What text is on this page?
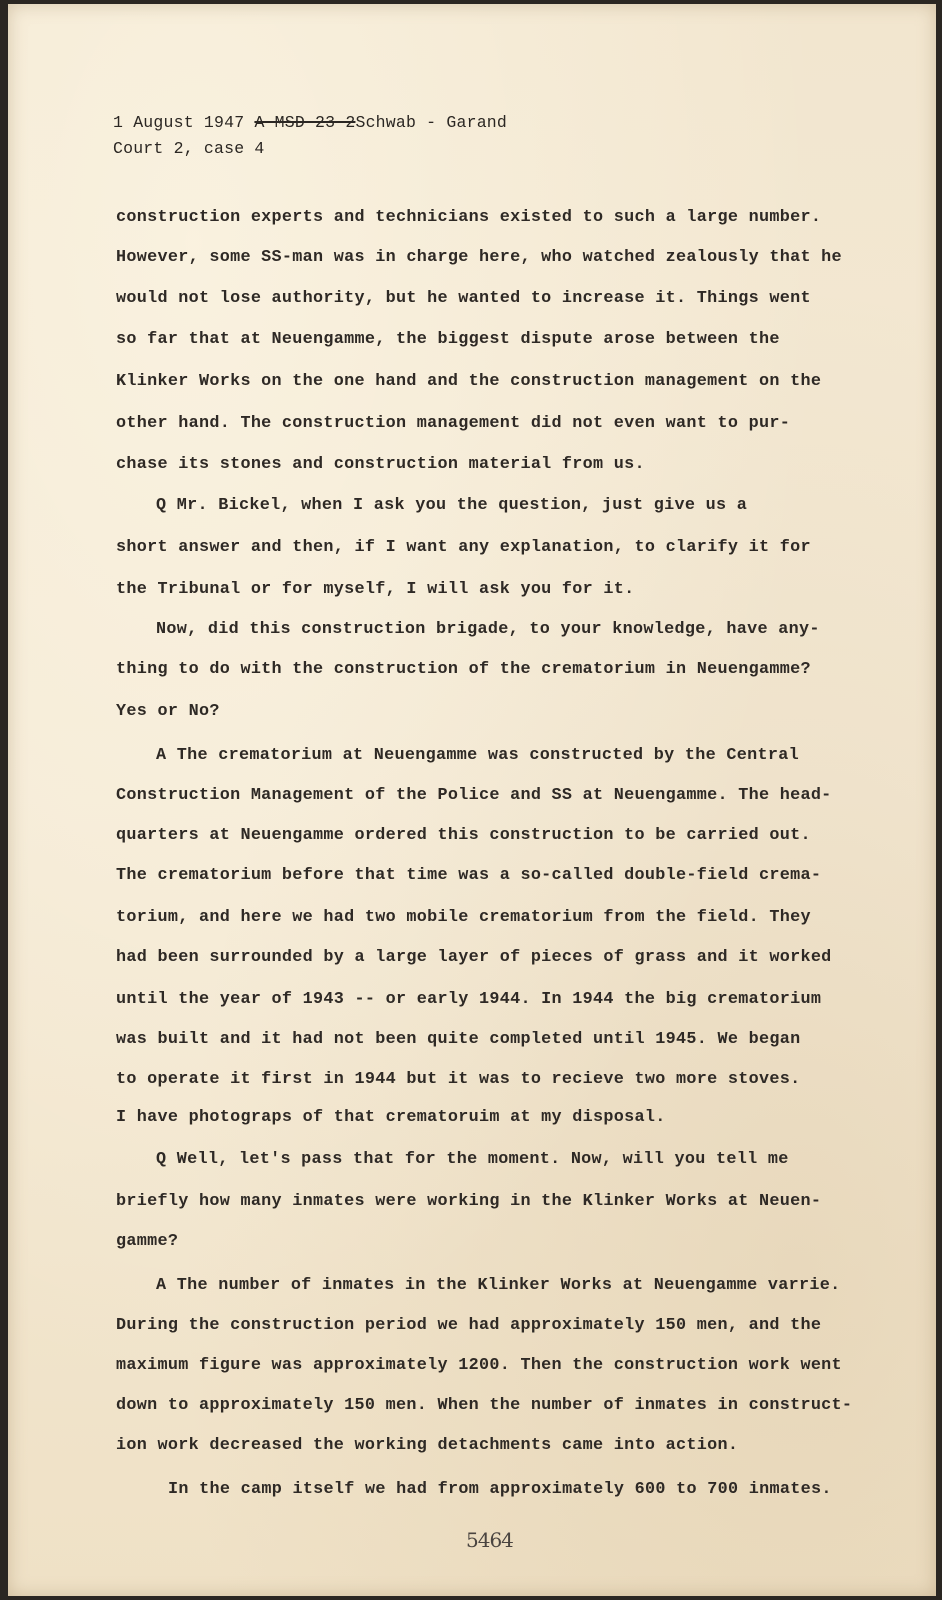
1 August 1947 A MSD 23-2Schwab - Garand
Court 2, case 4
construction experts and technicians existed to such a large number.
However, some SS-man was in charge here, who watched zealously that he
would not lose authority, but he wanted to increase it. Things went
so far that at Neuengamme, the biggest dispute arose between the
Klinker Works on the one hand and the construction management on the
other hand. The construction management did not even want to pur-
chase its stones and construction material from us.
Q Mr. Bickel, when I ask you the question, just give us a
short answer and then, if I want any explanation, to clarify it for
the Tribunal or for myself, I will ask you for it.
Now, did this construction brigade, to your knowledge, have any-
thing to do with the construction of the crematorium in Neuengamme?
Yes or No?
A The crematorium at Neuengamme was constructed by the Central
Construction Management of the Police and SS at Neuengamme. The head-
quarters at Neuengamme ordered this construction to be carried out.
The crematorium before that time was a so-called double-field crema-
torium, and here we had two mobile crematorium from the field. They
had been surrounded by a large layer of pieces of grass and it worked
until the year of 1943 -- or early 1944. In 1944 the big crematorium
was built and it had not been quite completed until 1945. We began
to operate it first in 1944 but it was to recieve two more stoves.
I have photograps of that crematoruim at my disposal.
Q Well, let's pass that for the moment. Now, will you tell me
briefly how many inmates were working in the Klinker Works at Neuen-
gamme?
A The number of inmates in the Klinker Works at Neuengamme varrie.
During the construction period we had approximately 150 men, and the
maximum figure was approximately 1200. Then the construction work went
down to approximately 150 men. When the number of inmates in construct-
ion work decreased the working detachments came into action.
In the camp itself we had from approximately 600 to 700 inmates.
5464
